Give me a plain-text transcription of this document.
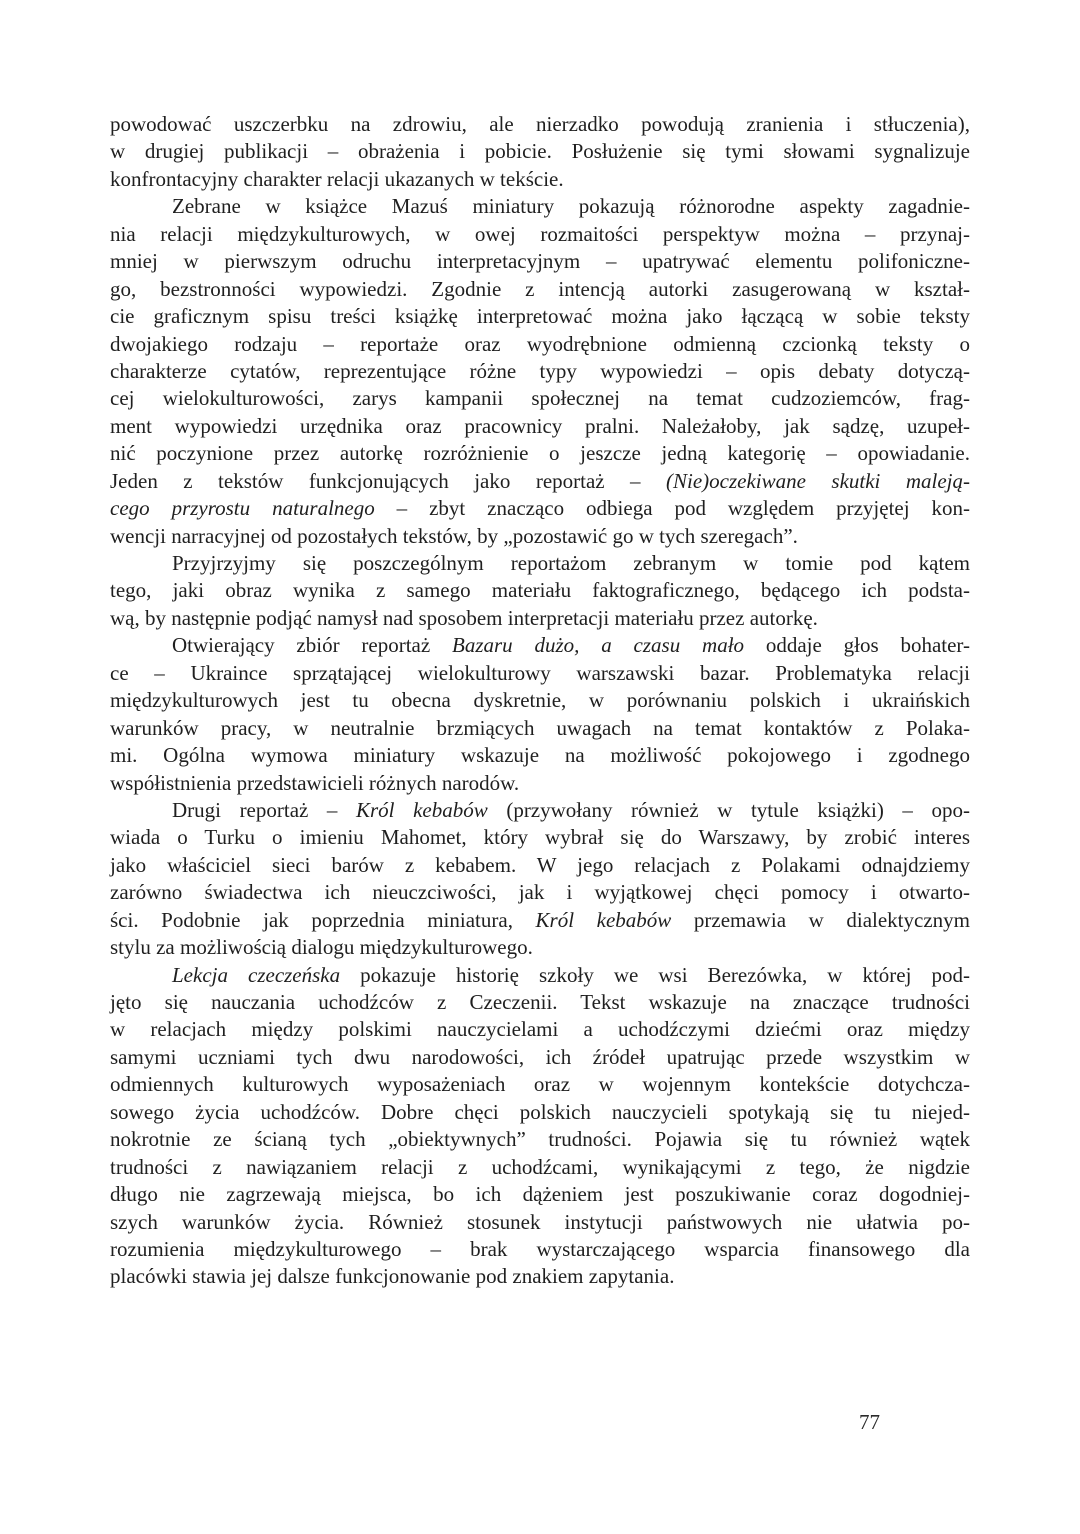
powodować uszczerbku na zdrowiu, ale nierzadko powodują zranienia i stłuczenia),
w drugiej publikacji – obrażenia i pobicie. Posłużenie się tymi słowami sygnalizuje
konfrontacyjny charakter relacji ukazanych w tekście.
Zebrane w książce Mazuś miniatury pokazują różnorodne aspekty zagadnie-
nia relacji międzykulturowych, w owej rozmaitości perspektyw można – przynaj-
mniej w pierwszym odruchu interpretacyjnym – upatrywać elementu polifoniczne-
go, bezstronności wypowiedzi. Zgodnie z intencją autorki zasugerowaną w kształ-
cie graficznym spisu treści książkę interpretować można jako łączącą w sobie teksty
dwojakiego rodzaju – reportaże oraz wyodrębnione odmienną czcionką teksty o
charakterze cytatów, reprezentujące różne typy wypowiedzi – opis debaty dotyczą-
cej wielokulturowości, zarys kampanii społecznej na temat cudzoziemców, frag-
ment wypowiedzi urzędnika oraz pracownicy pralni. Należałoby, jak sądzę, uzupeł-
nić poczynione przez autorkę rozróżnienie o jeszcze jedną kategorię – opowiadanie.
Jeden z tekstów funkcjonujących jako reportaż – (Nie)oczekiwane skutki maleją-
cego przyrostu naturalnego – zbyt znacząco odbiega pod względem przyjętej kon-
wencji narracyjnej od pozostałych tekstów, by „pozostawić go w tych szeregach”.
Przyjrzyjmy się poszczególnym reportażom zebranym w tomie pod kątem
tego, jaki obraz wynika z samego materiału faktograficznego, będącego ich podsta-
wą, by następnie podjąć namysł nad sposobem interpretacji materiału przez autorkę.
Otwierający zbiór reportaż Bazaru dużo, a czasu mało oddaje głos bohater-
ce – Ukraince sprzątającej wielokulturowy warszawski bazar. Problematyka relacji
międzykulturowych jest tu obecna dyskretnie, w porównaniu polskich i ukraińskich
warunków pracy, w neutralnie brzmiących uwagach na temat kontaktów z Polaka-
mi. Ogólna wymowa miniatury wskazuje na możliwość pokojowego i zgodnego
współistnienia przedstawicieli różnych narodów.
Drugi reportaż – Król kebabów (przywołany również w tytule książki) – opo-
wiada o Turku o imieniu Mahomet, który wybrał się do Warszawy, by zrobić interes
jako właściciel sieci barów z kebabem. W jego relacjach z Polakami odnajdziemy
zarówno świadectwa ich nieuczciwości, jak i wyjątkowej chęci pomocy i otwarto-
ści. Podobnie jak poprzednia miniatura, Król kebabów przemawia w dialektycznym
stylu za możliwością dialogu międzykulturowego.
Lekcja czeczeńska pokazuje historię szkoły we wsi Berezówka, w której pod-
jęto się nauczania uchodźców z Czeczenii. Tekst wskazuje na znaczące trudności
w relacjach między polskimi nauczycielami a uchodźczymi dziećmi oraz między
samymi uczniami tych dwu narodowości, ich źródeł upatrując przede wszystkim w
odmiennych kulturowych wyposażeniach oraz w wojennym kontekście dotychcza-
sowego życia uchodźców. Dobre chęci polskich nauczycieli spotykają się tu niejed-
nokrotnie ze ścianą tych „obiektywnych” trudności. Pojawia się tu również wątek
trudności z nawiązaniem relacji z uchodźcami, wynikającymi z tego, że nigdzie
długo nie zagrzewają miejsca, bo ich dążeniem jest poszukiwanie coraz dogodniej-
szych warunków życia. Również stosunek instytucji państwowych nie ułatwia po-
rozumienia międzykulturowego – brak wystarczającego wsparcia finansowego dla
placówki stawia jej dalsze funkcjonowanie pod znakiem zapytania.
77
